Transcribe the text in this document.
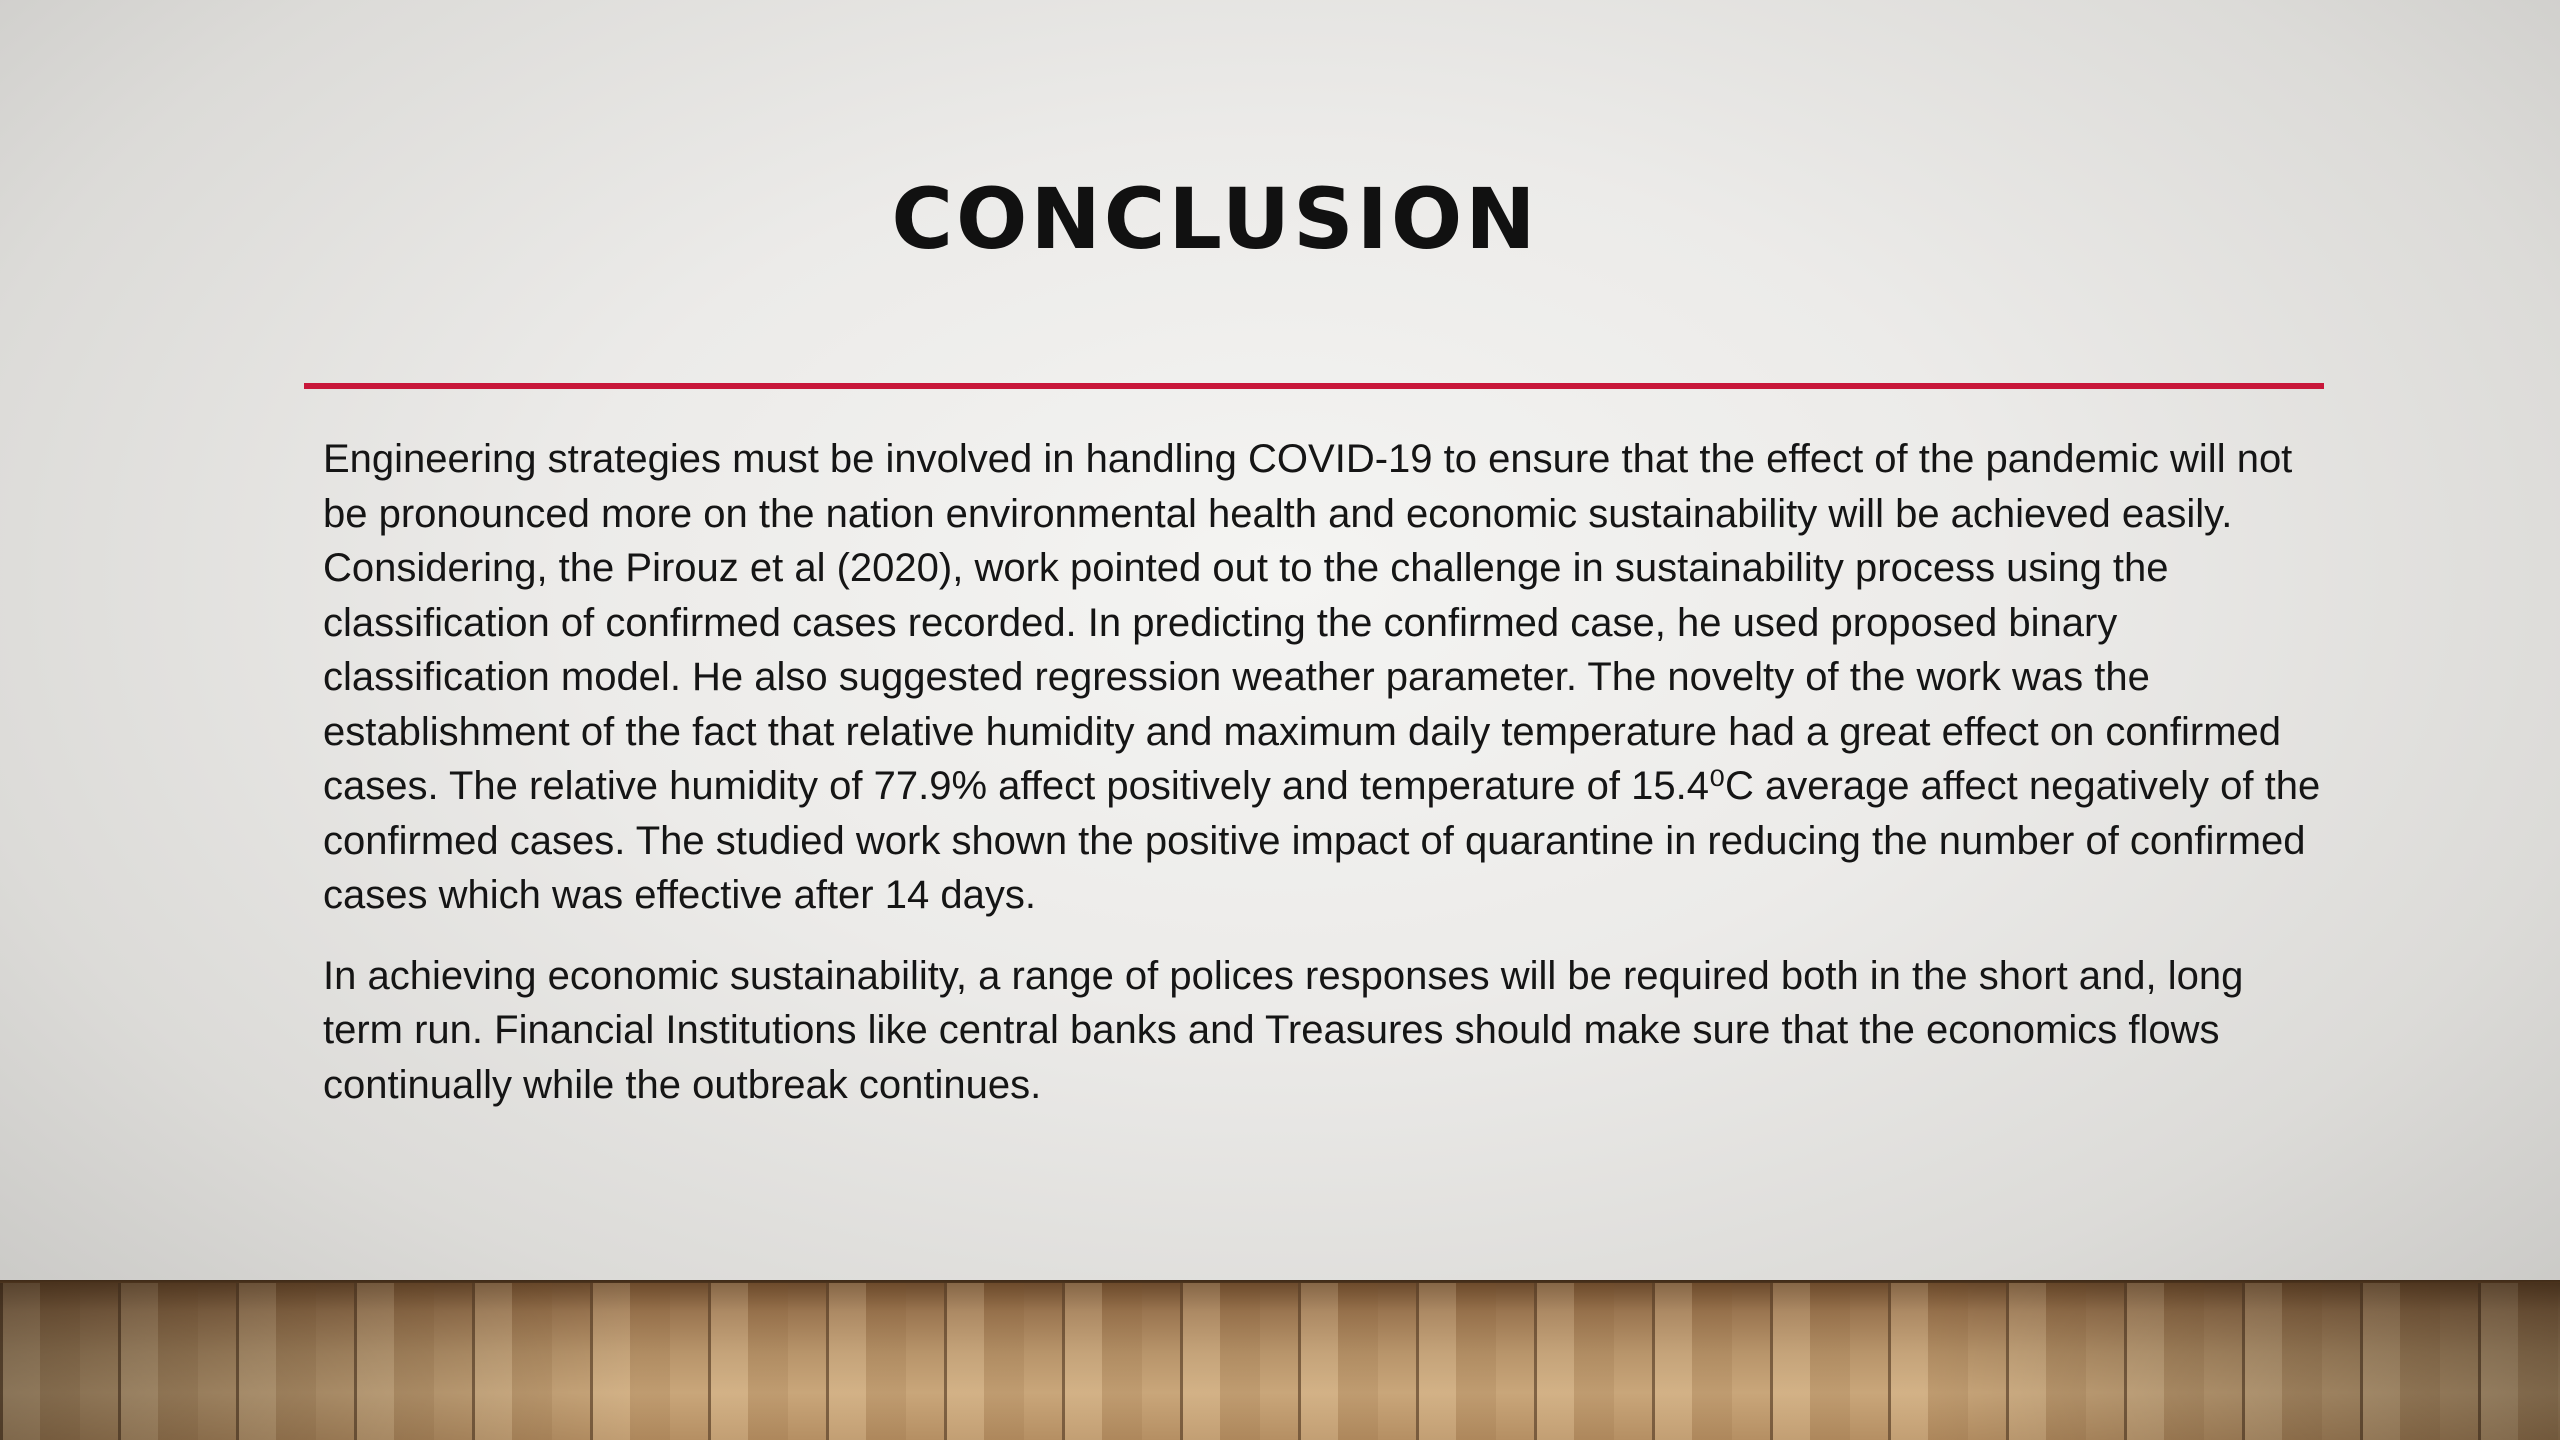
CONCLUSION

Engineering strategies must be involved in handling COVID-19 to ensure that the effect of the pandemic will not be pronounced more on the nation environmental health and economic sustainability will be achieved easily. Considering, the Pirouz et al (2020), work pointed out to the challenge in sustainability process using the classification of confirmed cases recorded. In predicting the confirmed case, he used proposed binary classification model. He also suggested regression weather parameter. The novelty of the work was the establishment of the fact that relative humidity and maximum daily temperature had a great effect on confirmed cases. The relative humidity of 77.9% affect positively and temperature of 15.4⁰C average affect negatively of the confirmed cases. The studied work shown the positive impact of quarantine in reducing the number of confirmed cases which was effective after 14 days.

In achieving economic sustainability, a range of polices responses will be required both in the short and, long term run. Financial Institutions like central banks and Treasures should make sure that the economics flows continually while the outbreak continues.
